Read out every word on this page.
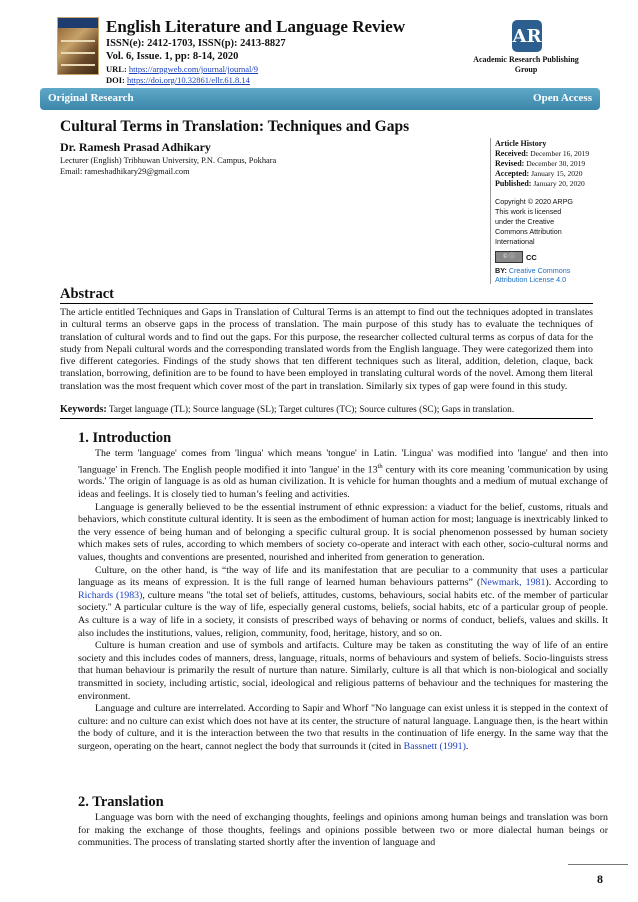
English Literature and Language Review
ISSN(e): 2412-1703, ISSN(p): 2413-8827
Vol. 6, Issue. 1, pp: 8-14, 2020
URL: https://arpgweb.com/journal/journal/9
DOI: https://doi.org/10.32861/ellr.61.8.14
AR
Academic Research Publishing Group
Original Research	Open Access
Cultural Terms in Translation: Techniques and Gaps
Dr. Ramesh Prasad Adhikary
Lecturer (English) Tribhuwan University, P.N. Campus, Pokhara
Email: rameshadhikary29@gmail.com
Article History
Received: December 16, 2019
Revised: December 30, 2019
Accepted: January 15, 2020
Published: January 20, 2020
Copyright © 2020 ARPG
This work is licensed
under the Creative
Commons Attribution
International
© ⓘ CC
BY: Creative Commons
Attribution License 4.0
Abstract
The article entitled Techniques and Gaps in Translation of Cultural Terms is an attempt to find out the techniques adopted in translates in cultural terms an observe gaps in the process of translation. The main purpose of this study has to evaluate the techniques of translation of cultural words and to find out the gaps. For this purpose, the researcher collected cultural terms as corpus of data for the study from Nepali cultural words and the corresponding translated words from the English language. They were categorized them into five different categories. Findings of the study shows that ten different techniques such as literal, addition, deletion, claque, back translation, borrowing, definition are to be found to have been employed in translating cultural words of the novel. Among them literal translation was the most frequent which cover most of the part in translation. Similarly six types of gap were found in this study.
Keywords: Target language (TL); Source language (SL); Target cultures (TC); Source cultures (SC); Gaps in translation.
1. Introduction

The term 'language' comes from 'lingua' which means 'tongue' in Latin. 'Lingua' was modified into 'langue' and then into 'language' in French. The English people modified it into 'langue' in the 13th century with its core meaning 'communication by using words.' The origin of language is as old as human civilization. It is vehicle for human thoughts and a medium of mutual exchange of ideas and feelings. It is closely tied to human’s feeling and activities.

Language is generally believed to be the essential instrument of ethnic expression: a viaduct for the belief, customs, rituals and behaviors, which constitute cultural identity. It is seen as the embodiment of human action for most; language is inextricably linked to the very essence of being human and of belonging a specific cultural group. It is social phenomenon possessed by human society which makes sets of rules, according to which members of society co-operate and interact with each other, socio-cultural norms and values, thoughts and conventions are presented, nourished and inherited from generation to generation.

Culture, on the other hand, is “the way of life and its manifestation that are peculiar to a community that uses a particular language as its means of expression. It is the full range of learned human behaviours patterns” (Newmark, 1981). According to Richards (1983), culture means "the total set of beliefs, attitudes, customs, behaviours, social habits etc. of the member of particular society." A particular culture is the way of life, especially general customs, beliefs, social habits, etc of a particular group of people. As culture is a way of life in a society, it consists of prescribed ways of behaving or norms of conduct, beliefs, values and skills. It also includes the institutions, values, religion, community, food, heritage, history, and so on.

Culture is human creation and use of symbols and artifacts. Culture may be taken as constituting the way of life of an entire society and this includes codes of manners, dress, language, rituals, norms of behaviours and system of beliefs. Socio-linguists stress that human behaviour is primarily the result of nurture than nature. Similarly, culture is all that which is non-biological and socially transmitted in society, including artistic, social, ideological and religious patterns of behaviour and the techniques for mastering the environment.

Language and culture are interrelated. According to Sapir and Whorf "No language can exist unless it is stepped in the context of culture: and no culture can exist which does not have at its center, the structure of natural language. Language then, is the heart within the body of culture, and it is the interaction between the two that results in the continuation of life energy. In the same way that the surgeon, operating on the heart, cannot neglect the body that surrounds it (cited in Bassnett (1991).

2. Translation

Language was born with the need of exchanging thoughts, feelings and opinions among human beings and translation was born for making the exchange of those thoughts, feelings and opinions possible between two or more dialectal human beings or communities. The process of translating started shortly after the invention of language and

8
